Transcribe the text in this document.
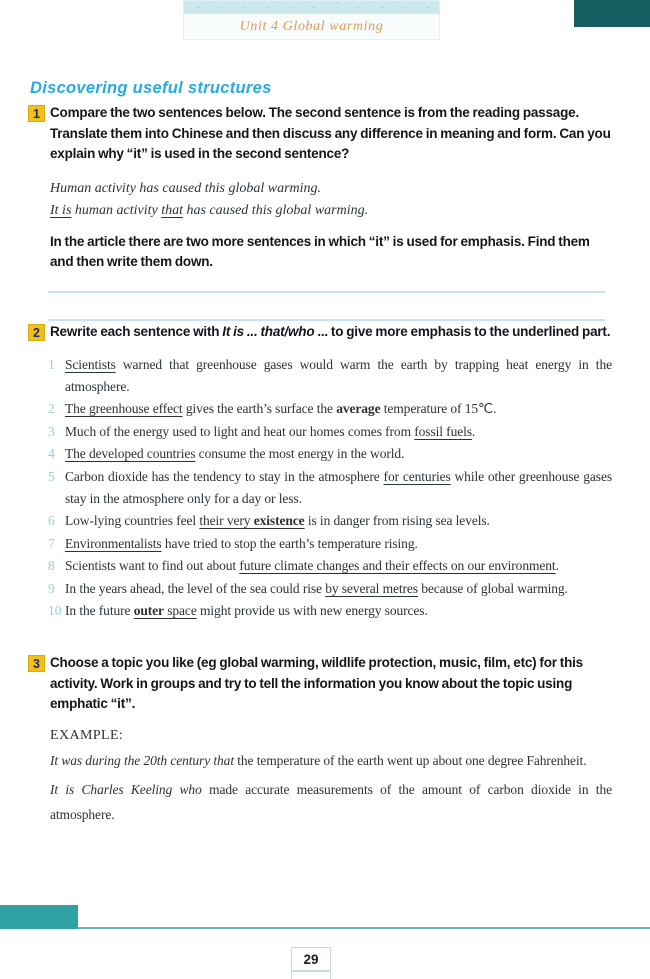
Unit 4 Global warming
29
Discovering useful structures
1 Compare the two sentences below. The second sentence is from the reading passage. Translate them into Chinese and then discuss any difference in meaning and form. Can you explain why “it” is used in the second sentence?
Human activity has caused this global warming.
It is human activity that has caused this global warming.
In the article there are two more sentences in which “it” is used for emphasis. Find them and then write them down.
2 Rewrite each sentence with It is ... that/who ... to give more emphasis to the underlined part.
1 Scientists warned that greenhouse gases would warm the earth by trapping heat energy in the atmosphere.
2 The greenhouse effect gives the earth’s surface the average temperature of 15℃.
3 Much of the energy used to light and heat our homes comes from fossil fuels.
4 The developed countries consume the most energy in the world.
5 Carbon dioxide has the tendency to stay in the atmosphere for centuries while other greenhouse gases stay in the atmosphere only for a day or less.
6 Low-lying countries feel their very existence is in danger from rising sea levels.
7 Environmentalists have tried to stop the earth’s temperature rising.
8 Scientists want to find out about future climate changes and their effects on our environment.
9 In the years ahead, the level of the sea could rise by several metres because of global warming.
10 In the future outer space might provide us with new energy sources.
3 Choose a topic you like (eg global warming, wildlife protection, music, film, etc) for this activity. Work in groups and try to tell the information you know about the topic using emphatic “it”.
EXAMPLE:
It was during the 20th century that the temperature of the earth went up about one degree Fahrenheit.
It is Charles Keeling who made accurate measurements of the amount of carbon dioxide in the atmosphere.
